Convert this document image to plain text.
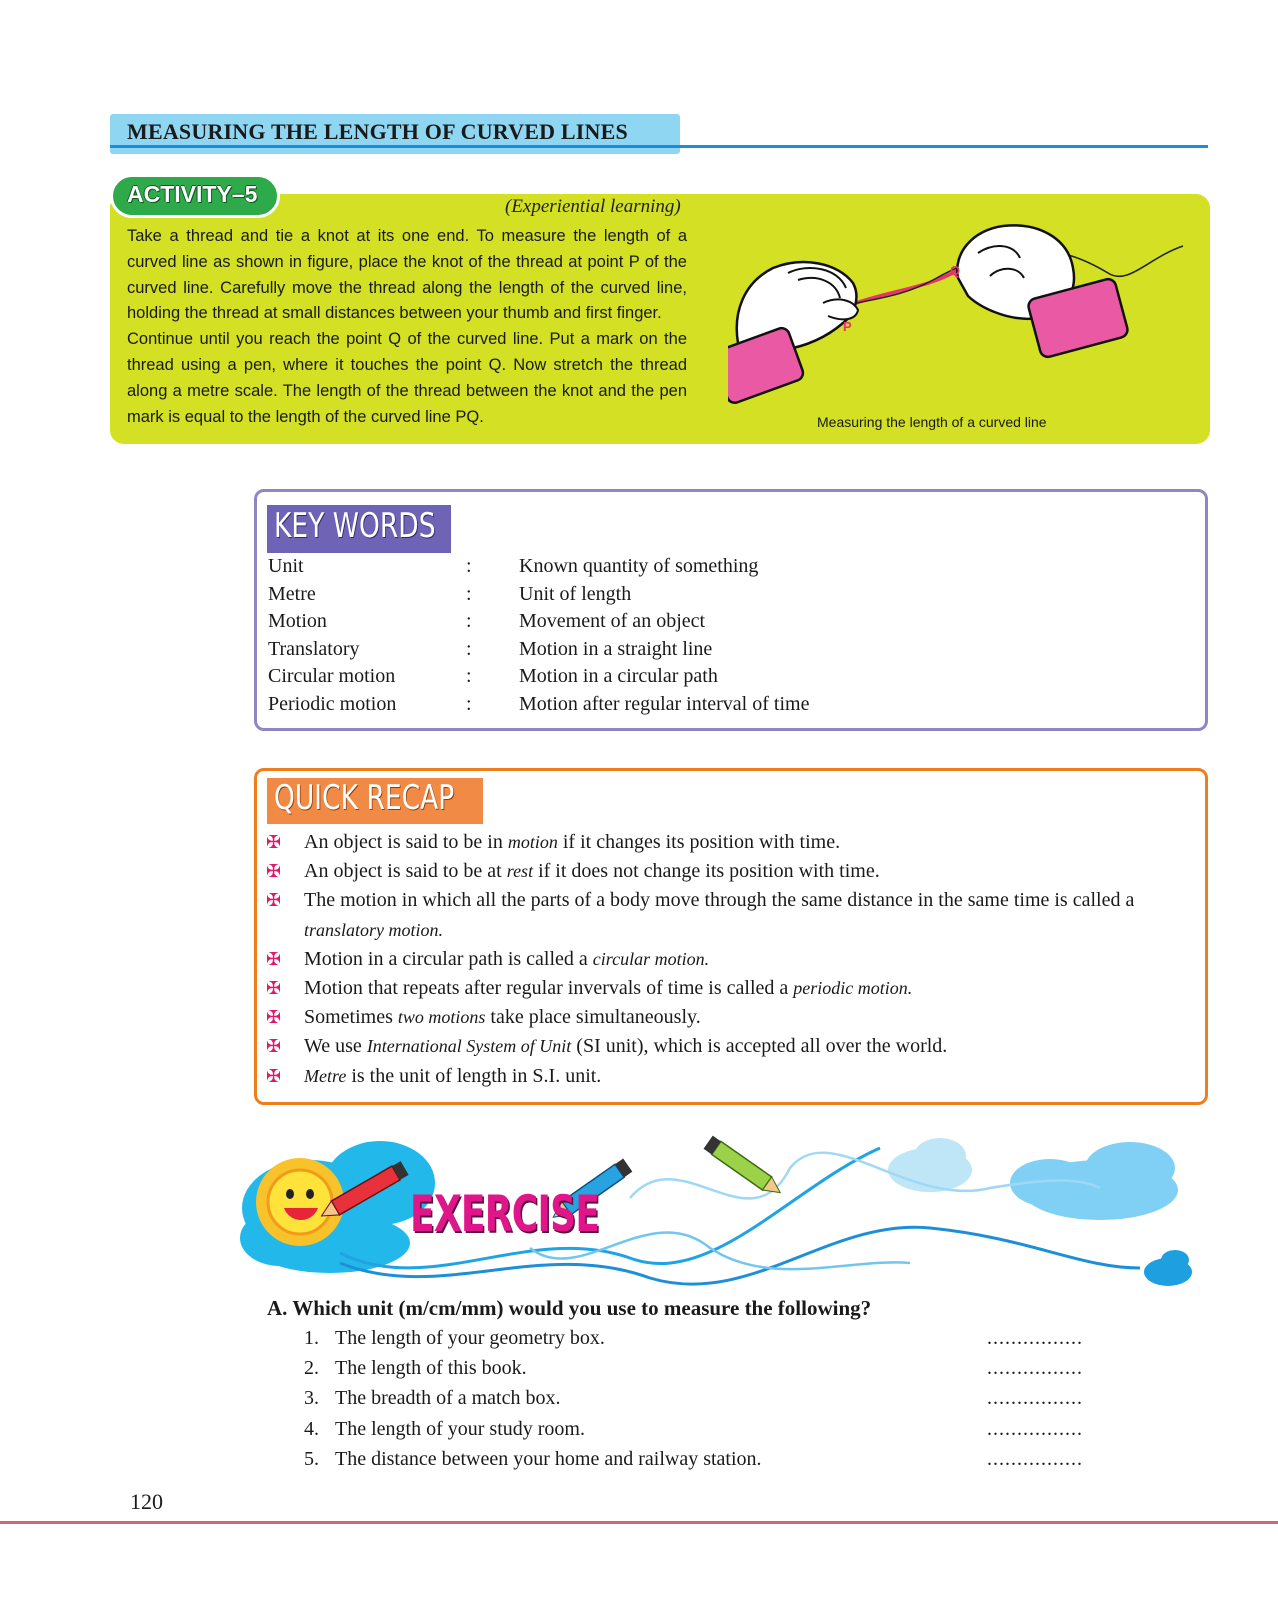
MEASURING THE LENGTH OF CURVED LINES
ACTIVITY–5	(Experiential learning)

Take a thread and tie a knot at its one end. To measure the length of a curved line as shown in figure, place the knot of the thread at point P of the curved line. Carefully move the thread along the length of the curved line, holding the thread at small distances between your thumb and first finger.

Continue until you reach the point Q of the curved line. Put a mark on the thread using a pen, where it touches the point Q. Now stretch the thread along a metre scale. The length of the thread between the knot and the pen mark is equal to the length of the curved line PQ.

P
Q
Measuring the length of a curved line
KEY WORDS
Unit	: Known quantity of something
Metre	: Unit of length
Motion	: Movement of an object
Translatory	: Motion in a straight line
Circular motion	: Motion in a circular path
Periodic motion	: Motion after regular interval of time
QUICK RECAP
✠ An object is said to be in motion if it changes its position with time.
✠ An object is said to be at rest if it does not change its position with time.
✠ The motion in which all the parts of a body move through the same distance in the same time is called a translatory motion.
✠ Motion in a circular path is called a circular motion.
✠ Motion that repeats after regular invervals of time is called a periodic motion.
✠ Sometimes two motions take place simultaneously.
✠ We use International System of Unit (SI unit), which is accepted all over the world.
✠ Metre is the unit of length in S.I. unit.
EXERCISE
A. Which unit (m/cm/mm) would you use to measure the following?
1. The length of your geometry box.	................
2. The length of this book.	................
3. The breadth of a match box.	................
4. The length of your study room.	................
5. The distance between your home and railway station.	................
120
